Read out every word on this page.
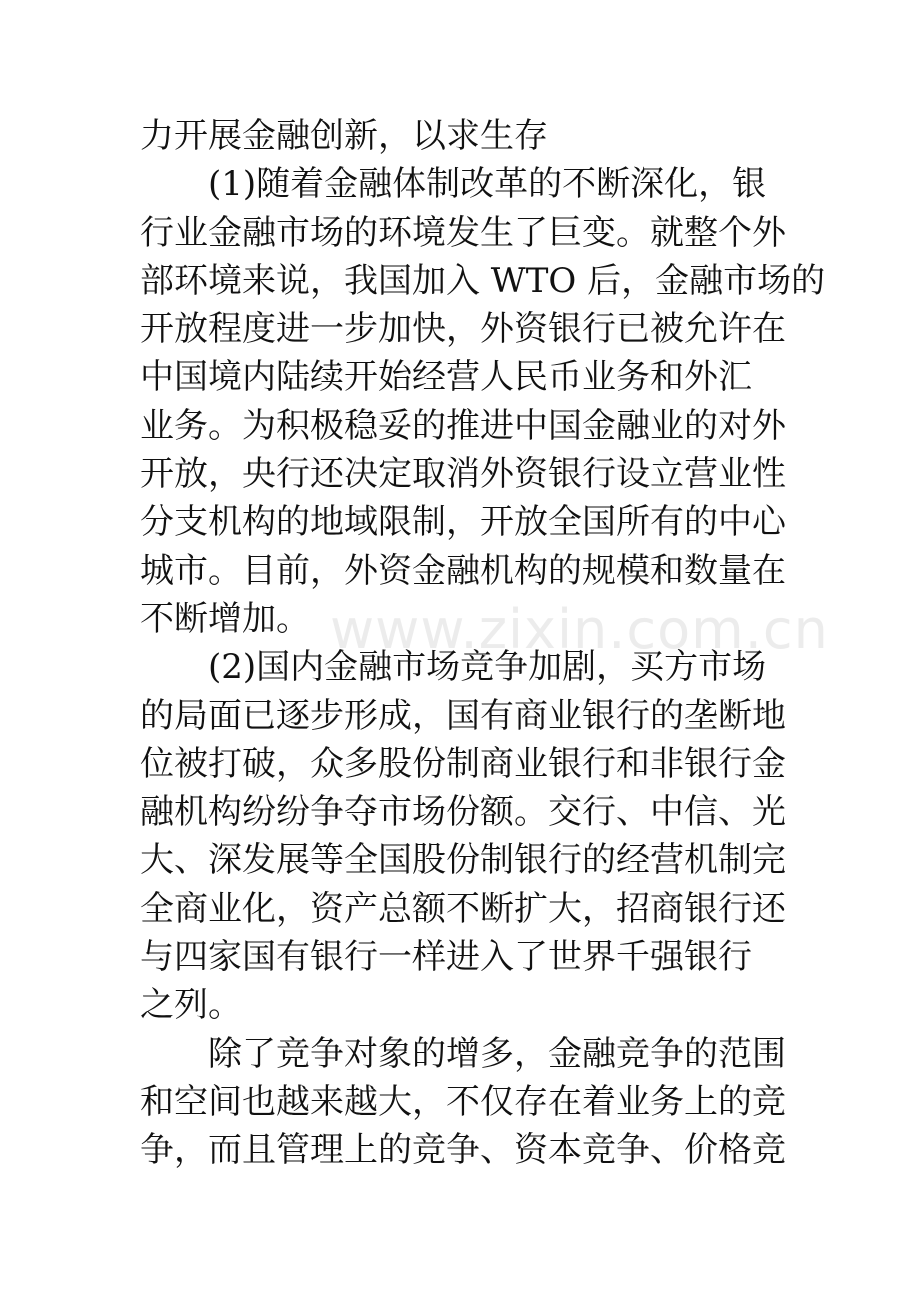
力开展金融创新，以求生存
(1)随着金融体制改革的不断深化，银
行业金融市场的环境发生了巨变。就整个外
部环境来说，我国加入 WTO 后，金融市场的
开放程度进一步加快，外资银行已被允许在
中国境内陆续开始经营人民币业务和外汇
业务。为积极稳妥的推进中国金融业的对外
开放，央行还决定取消外资银行设立营业性
分支机构的地域限制，开放全国所有的中心
城市。目前，外资金融机构的规模和数量在
不断增加。
(2)国内金融市场竞争加剧，买方市场
的局面已逐步形成，国有商业银行的垄断地
位被打破，众多股份制商业银行和非银行金
融机构纷纷争夺市场份额。交行、中信、光
大、深发展等全国股份制银行的经营机制完
全商业化，资产总额不断扩大，招商银行还
与四家国有银行一样进入了世界千强银行
之列。
除了竞争对象的增多，金融竞争的范围
和空间也越来越大，不仅存在着业务上的竞
争，而且管理上的竞争、资本竞争、价格竞
www.zixin.com.cn
